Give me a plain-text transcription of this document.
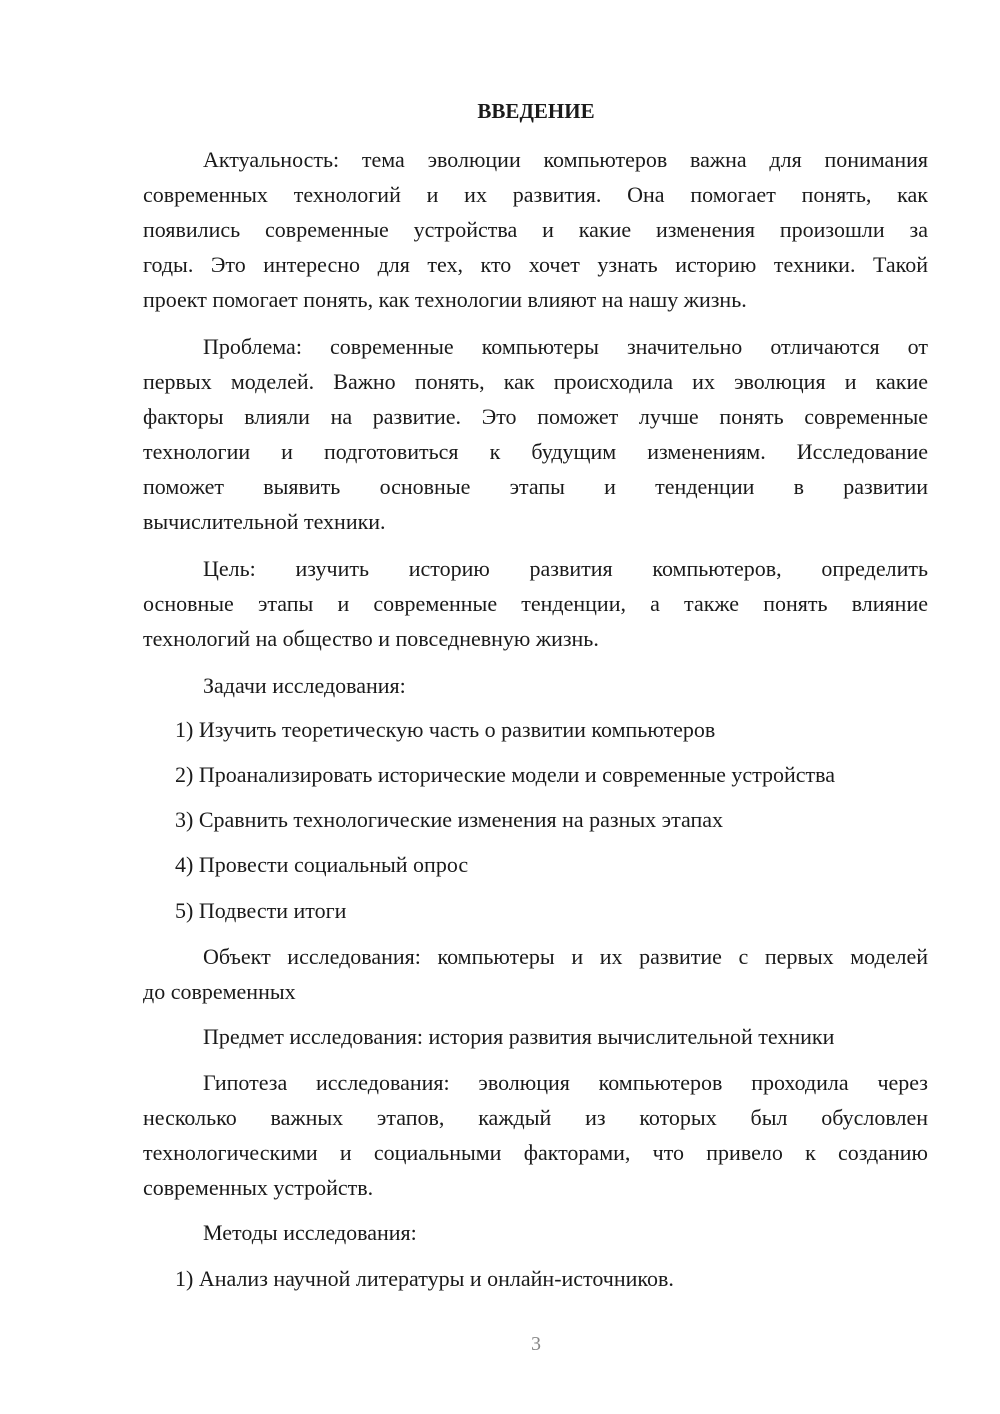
ВВЕДЕНИЕ
Актуальность: тема эволюции компьютеров важна для понимания
современных технологий и их развития. Она помогает понять, как
появились современные устройства и какие изменения произошли за
годы. Это интересно для тех, кто хочет узнать историю техники. Такой
проект помогает понять, как технологии влияют на нашу жизнь.
Проблема: современные компьютеры значительно отличаются от
первых моделей. Важно понять, как происходила их эволюция и какие
факторы влияли на развитие. Это поможет лучше понять современные
технологии и подготовиться к будущим изменениям. Исследование
поможет выявить основные этапы и тенденции в развитии
вычислительной техники.
Цель: изучить историю развития компьютеров, определить
основные этапы и современные тенденции, а также понять влияние
технологий на общество и повседневную жизнь.
Задачи исследования:
1) Изучить теоретическую часть о развитии компьютеров
2) Проанализировать исторические модели и современные устройства
3) Сравнить технологические изменения на разных этапах
4) Провести социальный опрос
5) Подвести итоги
Объект исследования: компьютеры и их развитие с первых моделей
до современных
Предмет исследования: история развития вычислительной техники
Гипотеза исследования: эволюция компьютеров проходила через
несколько важных этапов, каждый из которых был обусловлен
технологическими и социальными факторами, что привело к созданию
современных устройств.
Методы исследования:
1) Анализ научной литературы и онлайн-источников.
3
